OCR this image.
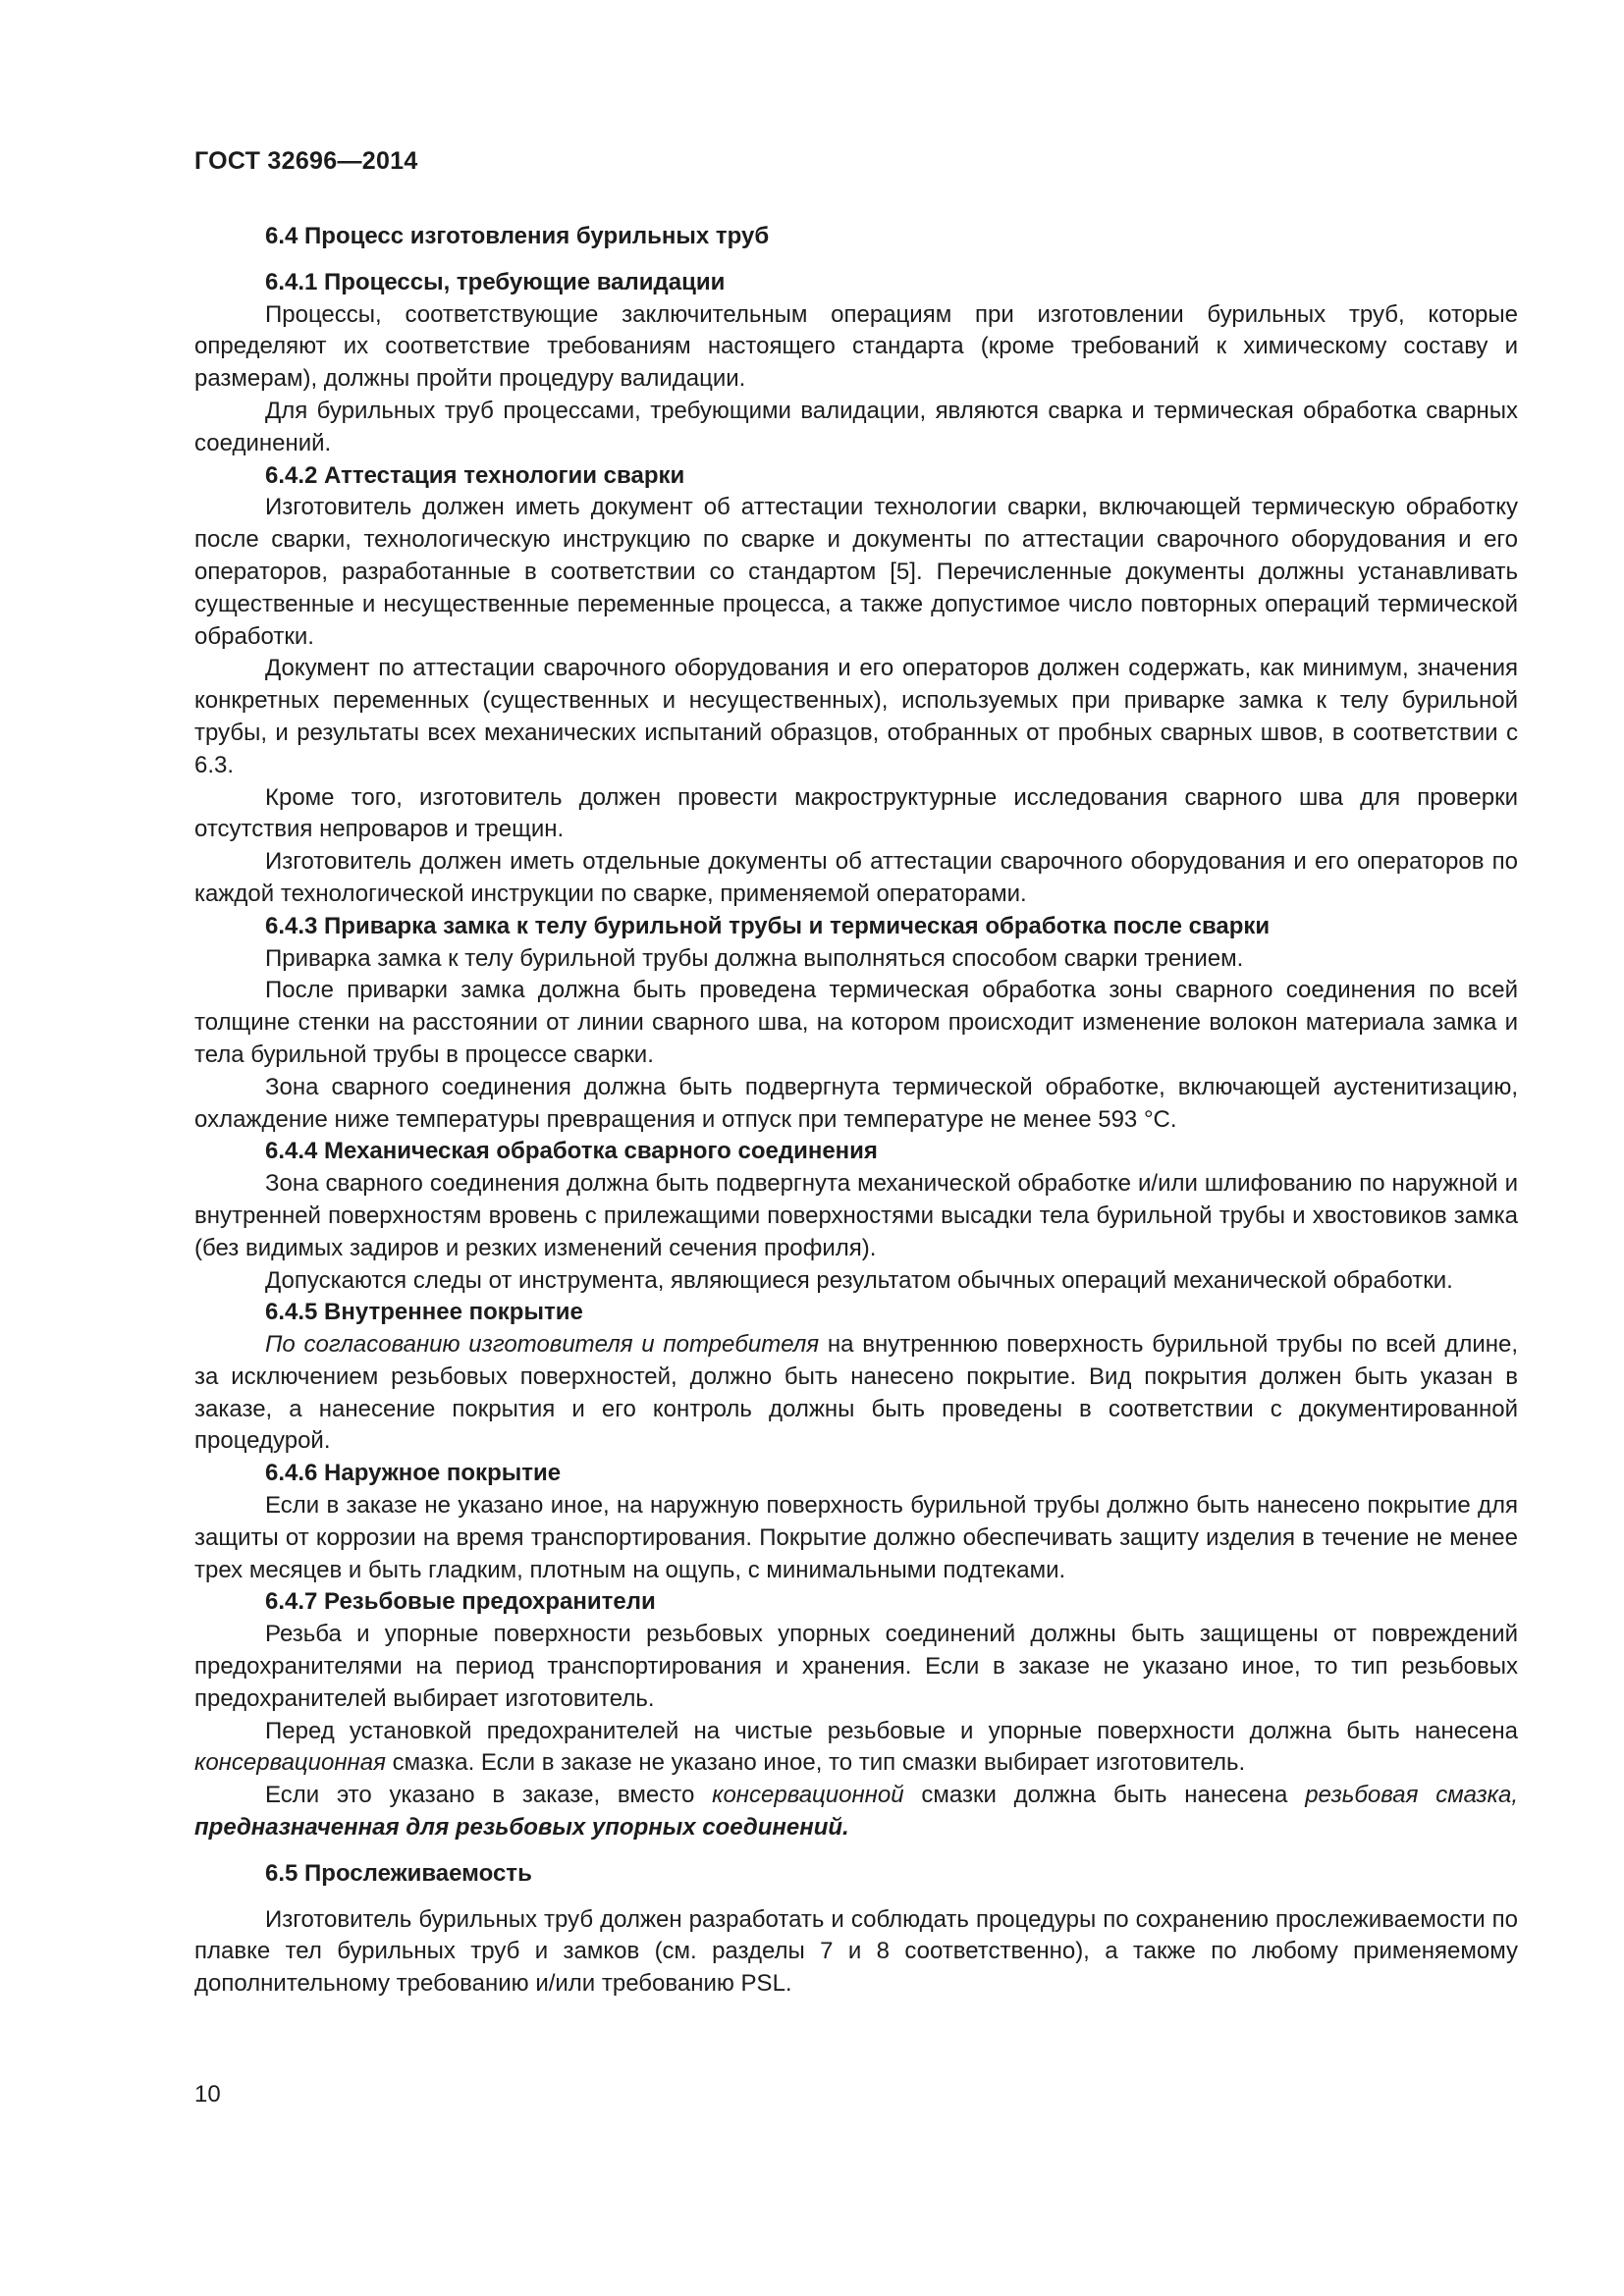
ГОСТ 32696—2014
6.4 Процесс изготовления бурильных труб
6.4.1 Процессы, требующие валидации

Процессы, соответствующие заключительным операциям при изготовлении бурильных труб, которые определяют их соответствие требованиям настоящего стандарта (кроме требований к химическому составу и размерам), должны пройти процедуру валидации.

Для бурильных труб процессами, требующими валидации, являются сварка и термическая обработка сварных соединений.

6.4.2 Аттестация технологии сварки

Изготовитель должен иметь документ об аттестации технологии сварки, включающей термическую обработку после сварки, технологическую инструкцию по сварке и документы по аттестации сварочного оборудования и его операторов, разработанные в соответствии со стандартом [5]. Перечисленные документы должны устанавливать существенные и несущественные переменные процесса, а также допустимое число повторных операций термической обработки.

Документ по аттестации сварочного оборудования и его операторов должен содержать, как минимум, значения конкретных переменных (существенных и несущественных), используемых при приварке замка к телу бурильной трубы, и результаты всех механических испытаний образцов, отобранных от пробных сварных швов, в соответствии с 6.3.

Кроме того, изготовитель должен провести макроструктурные исследования сварного шва для проверки отсутствия непроваров и трещин.

Изготовитель должен иметь отдельные документы об аттестации сварочного оборудования и его операторов по каждой технологической инструкции по сварке, применяемой операторами.

6.4.3 Приварка замка к телу бурильной трубы и термическая обработка после сварки

Приварка замка к телу бурильной трубы должна выполняться способом сварки трением.

После приварки замка должна быть проведена термическая обработка зоны сварного соединения по всей толщине стенки на расстоянии от линии сварного шва, на котором происходит изменение волокон материала замка и тела бурильной трубы в процессе сварки.

Зона сварного соединения должна быть подвергнута термической обработке, включающей аустенитизацию, охлаждение ниже температуры превращения и отпуск при температуре не менее 593 °С.

6.4.4 Механическая обработка сварного соединения

Зона сварного соединения должна быть подвергнута механической обработке и/или шлифованию по наружной и внутренней поверхностям вровень с прилежащими поверхностями высадки тела бурильной трубы и хвостовиков замка (без видимых задиров и резких изменений сечения профиля).

Допускаются следы от инструмента, являющиеся результатом обычных операций механической обработки.

6.4.5 Внутреннее покрытие

По согласованию изготовителя и потребителя на внутреннюю поверхность бурильной трубы по всей длине, за исключением резьбовых поверхностей, должно быть нанесено покрытие. Вид покрытия должен быть указан в заказе, а нанесение покрытия и его контроль должны быть проведены в соответствии с документированной процедурой.

6.4.6 Наружное покрытие

Если в заказе не указано иное, на наружную поверхность бурильной трубы должно быть нанесено покрытие для защиты от коррозии на время транспортирования. Покрытие должно обеспечивать защиту изделия в течение не менее трех месяцев и быть гладким, плотным на ощупь, с минимальными подтеками.

6.4.7 Резьбовые предохранители

Резьба и упорные поверхности резьбовых упорных соединений должны быть защищены от повреждений предохранителями на период транспортирования и хранения. Если в заказе не указано иное, то тип резьбовых предохранителей выбирает изготовитель.

Перед установкой предохранителей на чистые резьбовые и упорные поверхности должна быть нанесена консервационная смазка. Если в заказе не указано иное, то тип смазки выбирает изготовитель.

Если это указано в заказе, вместо консервационной смазки должна быть нанесена резьбовая смазка, предназначенная для резьбовых упорных соединений.

6.5 Прослеживаемость

Изготовитель бурильных труб должен разработать и соблюдать процедуры по сохранению прослеживаемости по плавке тел бурильных труб и замков (см. разделы 7 и 8 соответственно), а также по любому применяемому дополнительному требованию и/или требованию PSL.

10
